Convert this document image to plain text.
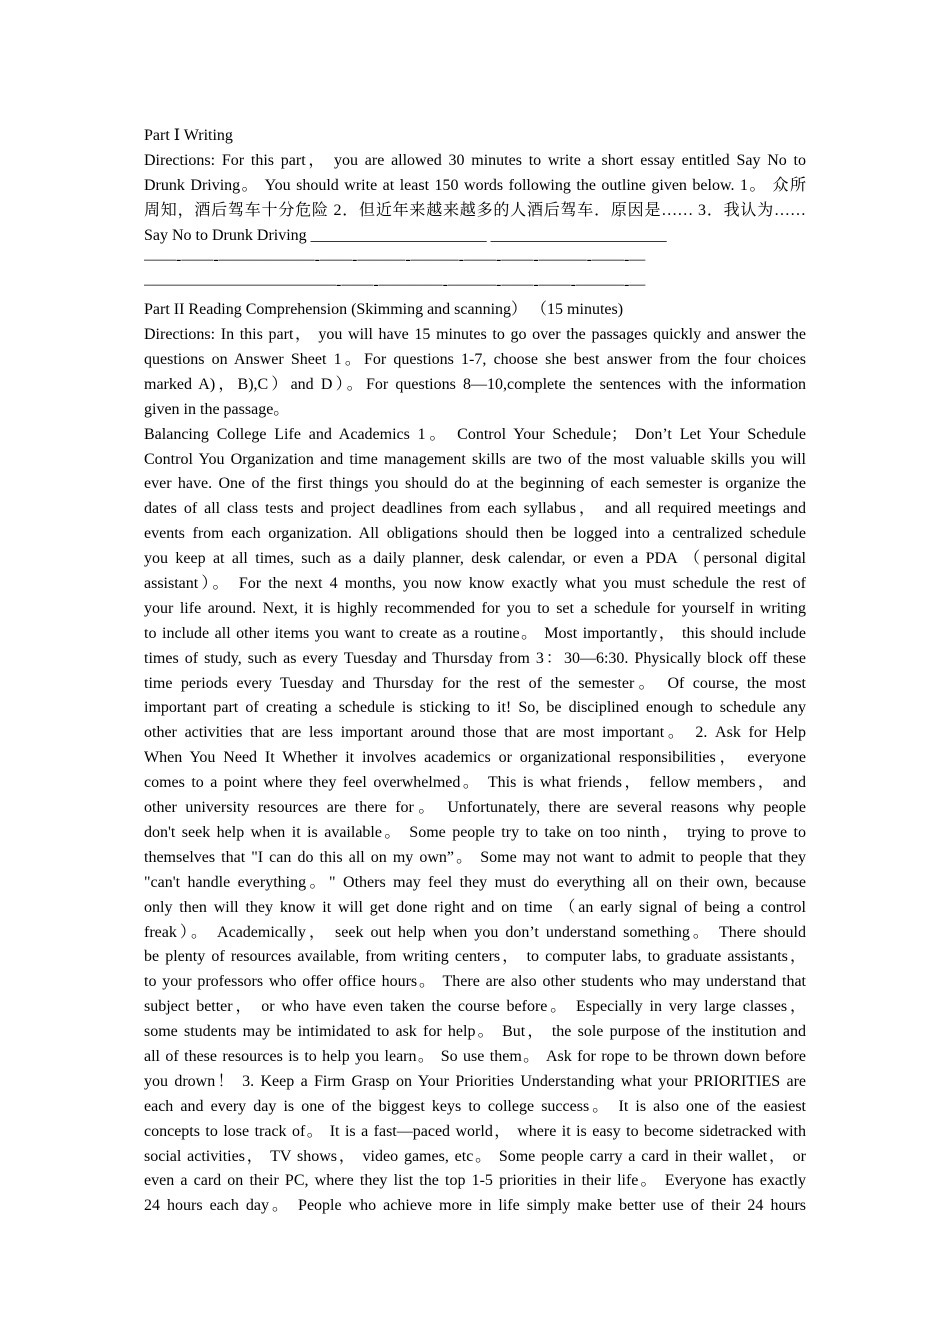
Part Ⅰ Writing
Directions: For this part， you are allowed 30 minutes to write a short essay entitled Say No to
Drunk Driving。 You should write at least 150 words following the outline given below. 1。 众所
周知，酒后驾车十分危险 2．但近年来越来越多的人酒后驾车．原因是…… 3．我认为……
Say No to Drunk Driving ______________________ ______________________
——-——-——————-——-———-———-——-——-———-——-—
————————————-——-————-———-——-——-———-—
Part II Reading Comprehension (Skimming and scanning） （15 minutes)
Directions: In this part， you will have 15 minutes to go over the passages quickly and answer the
questions on Answer Sheet 1。For questions 1-7, choose she best answer from the four choices
marked A)，B),C）and D）。For questions 8—10,complete the sentences with the information
given in the passage。
Balancing College Life and Academics 1。 Control Your Schedule； Don’t Let Your Schedule
Control You Organization and time management skills are two of the most valuable skills you will
ever have. One of the first things you should do at the beginning of each semester is organize the
dates of all class tests and project deadlines from each syllabus， and all required meetings and
events from each organization. All obligations should then be logged into a centralized schedule
you keep at all times, such as a daily planner, desk calendar, or even a PDA （personal digital
assistant）。 For the next 4 months, you now know exactly what you must schedule the rest of
your life around. Next, it is highly recommended for you to set a schedule for yourself in writing
to include all other items you want to create as a routine。 Most importantly， this should include
times of study, such as every Tuesday and Thursday from 3：30—6:30. Physically block off these
time periods every Tuesday and Thursday for the rest of the semester。 Of course, the most
important part of creating a schedule is sticking to it! So, be disciplined enough to schedule any
other activities that are less important around those that are most important。 2. Ask for Help
When You Need It Whether it involves academics or organizational responsibilities， everyone
comes to a point where they feel overwhelmed。 This is what friends， fellow members， and
other university resources are there for。 Unfortunately, there are several reasons why people
don't seek help when it is available。 Some people try to take on too ninth， trying to prove to
themselves that "I can do this all on my own”。 Some may not want to admit to people that they
"can't handle everything。" Others may feel they must do everything all on their own, because
only then will they know it will get done right and on time （an early signal of being a control
freak）。 Academically， seek out help when you don’t understand something。 There should
be plenty of resources available, from writing centers， to computer labs, to graduate assistants，
to your professors who offer office hours。 There are also other students who may understand that
subject better， or who have even taken the course before。 Especially in very large classes，
some students may be intimidated to ask for help。 But， the sole purpose of the institution and
all of these resources is to help you learn。 So use them。 Ask for rope to be thrown down before
you drown！ 3. Keep a Firm Grasp on Your Priorities Understanding what your PRIORITIES are
each and every day is one of the biggest keys to college success。 It is also one of the easiest
concepts to lose track of。 It is a fast—paced world， where it is easy to become sidetracked with
social activities， TV shows， video games, etc。 Some people carry a card in their wallet， or
even a card on their PC, where they list the top 1-5 priorities in their life。 Everyone has exactly
24 hours each day。 People who achieve more in life simply make better use of their 24 hours
